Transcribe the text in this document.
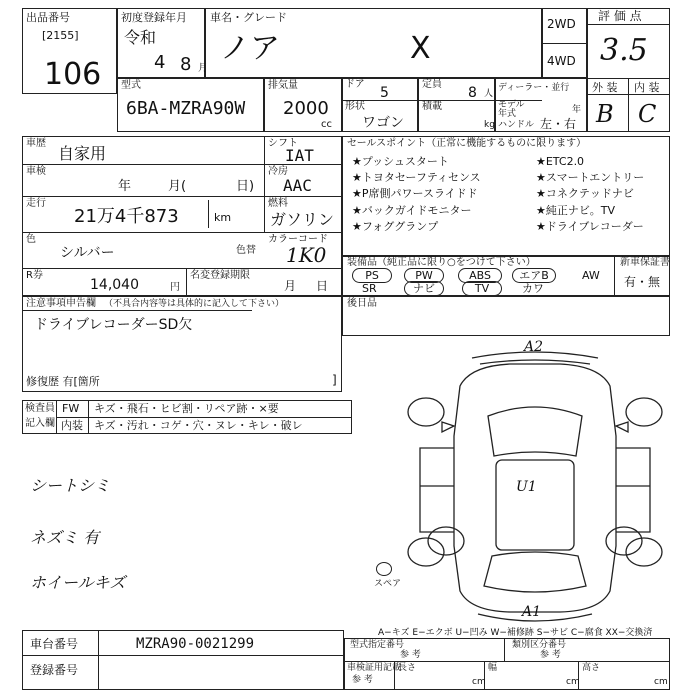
出品番号
[2155]
106
初度登録年月
令和
4 8 月
車名・グレード
ノア	X
2WD
4WD
評 価 点
3.5
外 装 内 装
B C
型式
6BA-MZRA90W
排気量
2000
cc
ドア
5
形状
ワゴン
定員
8 人
積載
kg
ディーラー・並行
モデル
年式	年
ハンドル 左・右
車歴
自家用
シフト
IAT
車検
年	月(	日)
冷房
AAC
走行
21万4千873	km
燃料
ガソリン
色
シルバー	色替
カラーコード
1K0
R券
14,040	円
名変登録期限
月 日
セールスポイント（正常に機能するものに限ります）
★プッシュスタート	★ETC2.0
★トヨタセーフティセンス	★スマートエントリー
★P席側パワースライドド	★コネクテッドナビ
★バックガイドモニター	★純正ナビ。TV
★フォググランプ	★ドライブレコーダー
装備品（純正品に限り○をつけて下さい）
PS	PW	ABS	エアB	AW
SR	ナビ	TV	カワ
新車保証書
有・無
注意事項申告欄 （不具合内容等は具体的に記入して下さい）
ドライブレコーダーSD欠
修復歴 有[箇所	]
後日品
検査員
記入欄
FW キズ・飛石・ヒビ割・リペア跡・×要
内装 キズ・汚れ・コゲ・穴・ヌレ・キレ・破レ
シートシミ
ネズミ 有
ホイールキズ	スペア
A2
U1
A1
A−キズ E−エクボ U−凹み W−補修跡 S−サビ C−腐食 XX−交換済
車台番号	MZRA90-0021299
登録番号
型式指定番号
参 考
類別区分番号
参 考
車検証用記載
参 考
長さ
cm
幅
cm
高さ
cm
